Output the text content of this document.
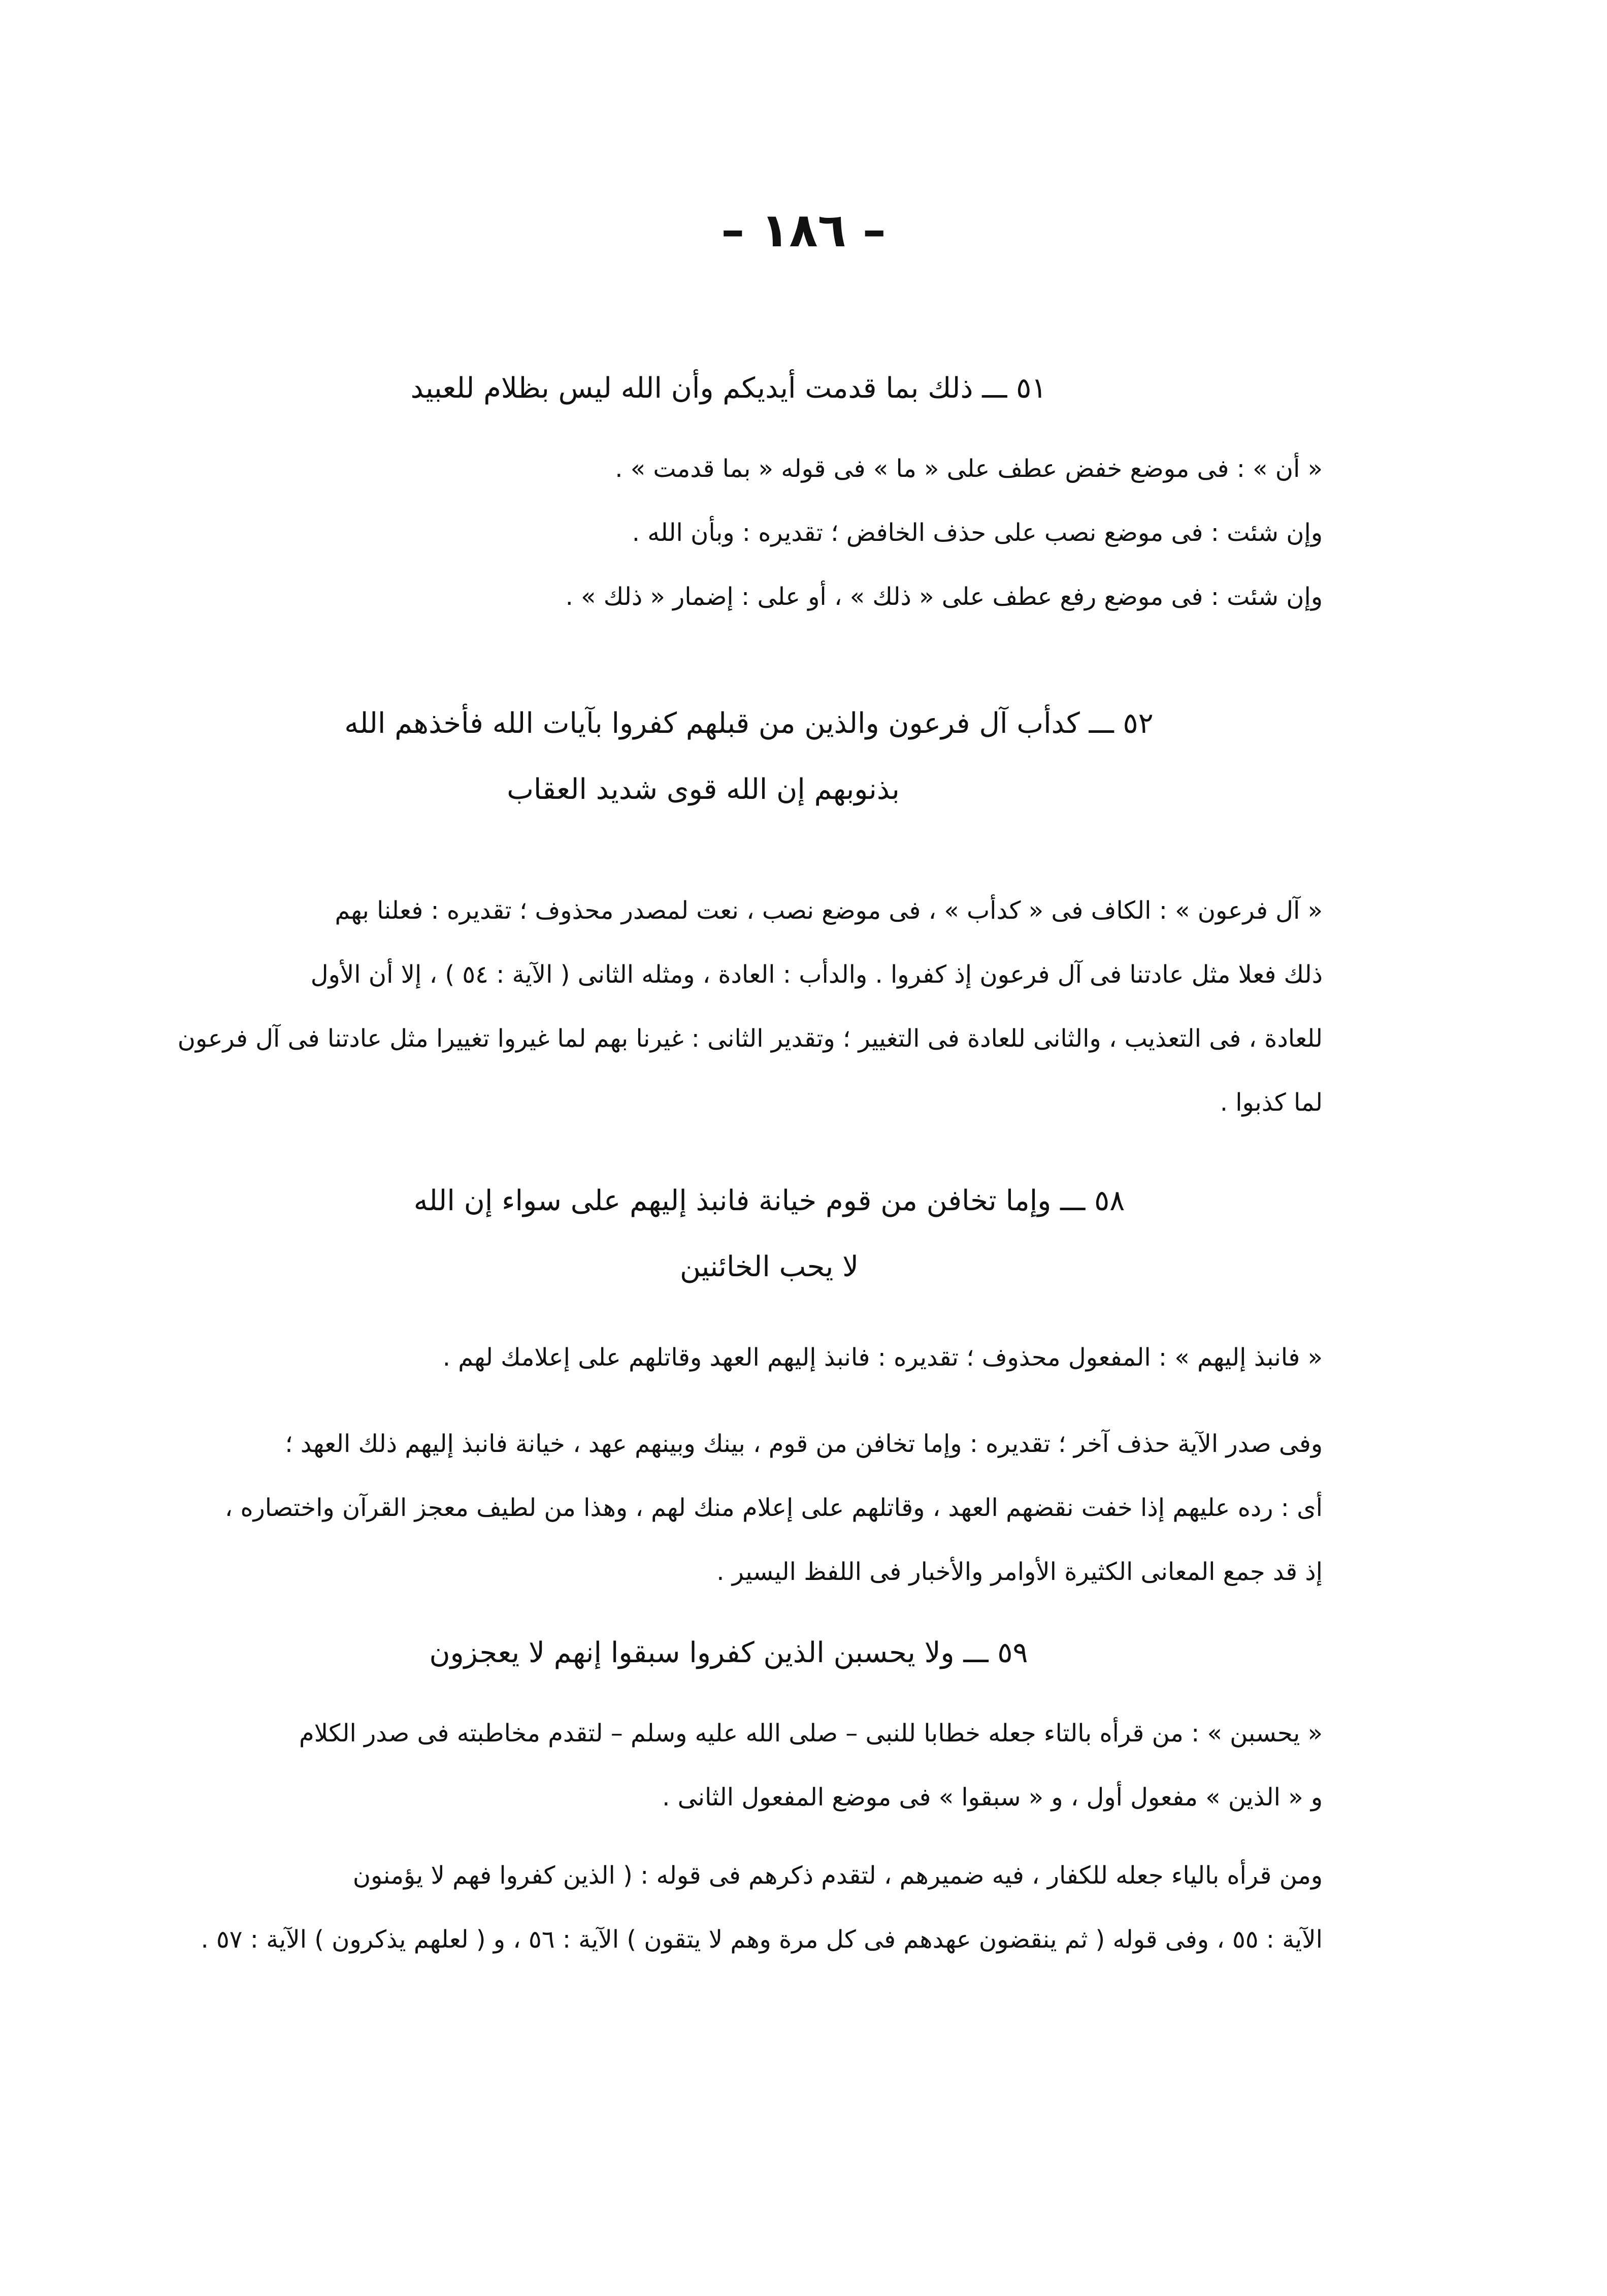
– ١٨٦ –
٥١ ـــ ذلك بما قدمت أيديكم وأن الله ليس بظلام للعبيد
« أن » : فى موضع خفض عطف على « ما » فى قوله « بما قدمت » .
وإن شئت : فى موضع نصب على حذف الخافض ؛ تقديره : وبأن الله .
وإن شئت : فى موضع رفع عطف على « ذلك » ، أو على : إضمار « ذلك » .
٥٢ ـــ كدأب آل فرعون والذين من قبلهم كفروا بآيات الله فأخذهم الله
بذنوبهم إن الله قوى شديد العقاب
« آل فرعون » : الكاف فى « كدأب » ، فى موضع نصب ، نعت لمصدر محذوف ؛ تقديره : فعلنا بهم
ذلك فعلا مثل عادتنا فى آل فرعون إذ كفروا . والدأب : العادة ، ومثله الثانى ( الآية : ٥٤ ) ، إلا أن الأول
للعادة ، فى التعذيب ، والثانى للعادة فى التغيير ؛ وتقدير الثانى : غيرنا بهم لما غيروا تغييرا مثل عادتنا فى آل فرعون
لما كذبوا .
٥٨ ـــ وإما تخافن من قوم خيانة فانبذ إليهم على سواء إن الله
لا يحب الخائنين
« فانبذ إليهم » : المفعول محذوف ؛ تقديره : فانبذ إليهم العهد وقاتلهم على إعلامك لهم .
وفى صدر الآية حذف آخر ؛ تقديره : وإما تخافن من قوم ، بينك وبينهم عهد ، خيانة فانبذ إليهم ذلك العهد ؛
أى : رده عليهم إذا خفت نقضهم العهد ، وقاتلهم على إعلام منك لهم ، وهذا من لطيف معجز القرآن واختصاره ،
إذ قد جمع المعانى الكثيرة الأوامر والأخبار فى اللفظ اليسير .
٥٩ ـــ ولا يحسبن الذين كفروا سبقوا إنهم لا يعجزون
« يحسبن » : من قرأه بالتاء جعله خطابا للنبى – صلى الله عليه وسلم – لتقدم مخاطبته فى صدر الكلام
و « الذين » مفعول أول ، و « سبقوا » فى موضع المفعول الثانى .
ومن قرأه بالياء جعله للكفار ، فيه ضميرهم ، لتقدم ذكرهم فى قوله : ( الذين كفروا فهم لا يؤمنون
الآية : ٥٥ ، وفى قوله ( ثم ينقضون عهدهم فى كل مرة وهم لا يتقون ) الآية : ٥٦ ، و ( لعلهم يذكرون ) الآية : ٥٧ .
